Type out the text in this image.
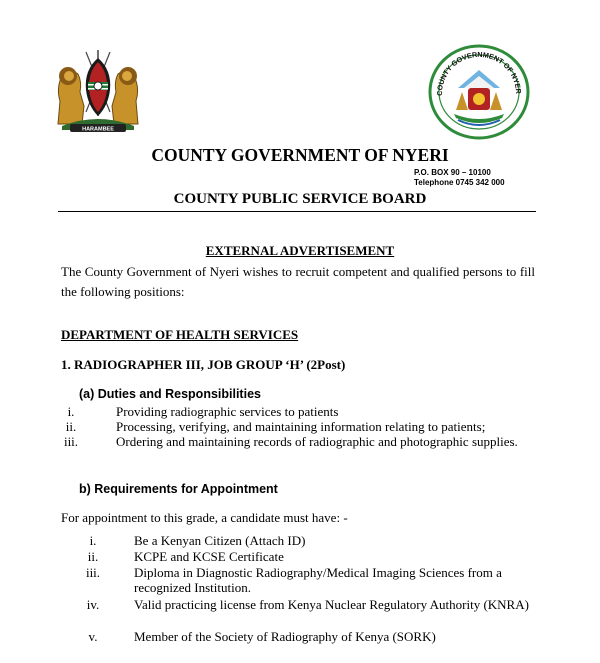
HARAMBEE
COUNTY GOVERNMENT OF NYER
COUNTY GOVERNMENT OF NYERI
P.O. BOX 90 – 10100
Telephone 0745 342 000
COUNTY PUBLIC SERVICE BOARD
EXTERNAL ADVERTISEMENT
The County Government of Nyeri wishes to recruit competent and qualified persons to fill the following positions:
DEPARTMENT OF HEALTH SERVICES
1. RADIOGRAPHER III, JOB GROUP ‘H’ (2Post)
(a) Duties and Responsibilities
i.	Providing radiographic services to patients
ii.	Processing, verifying, and maintaining information relating to patients;
iii.	Ordering and maintaining records of radiographic and photographic supplies.
b) Requirements for Appointment
For appointment to this grade, a candidate must have: -
i.	Be a Kenyan Citizen (Attach ID)
ii.	KCPE and KCSE Certificate
iii.	Diploma in Diagnostic Radiography/Medical Imaging Sciences from a recognized Institution.
iv.	Valid practicing license from Kenya Nuclear Regulatory Authority (KNRA)
v.	Member of the Society of Radiography of Kenya (SORK)
